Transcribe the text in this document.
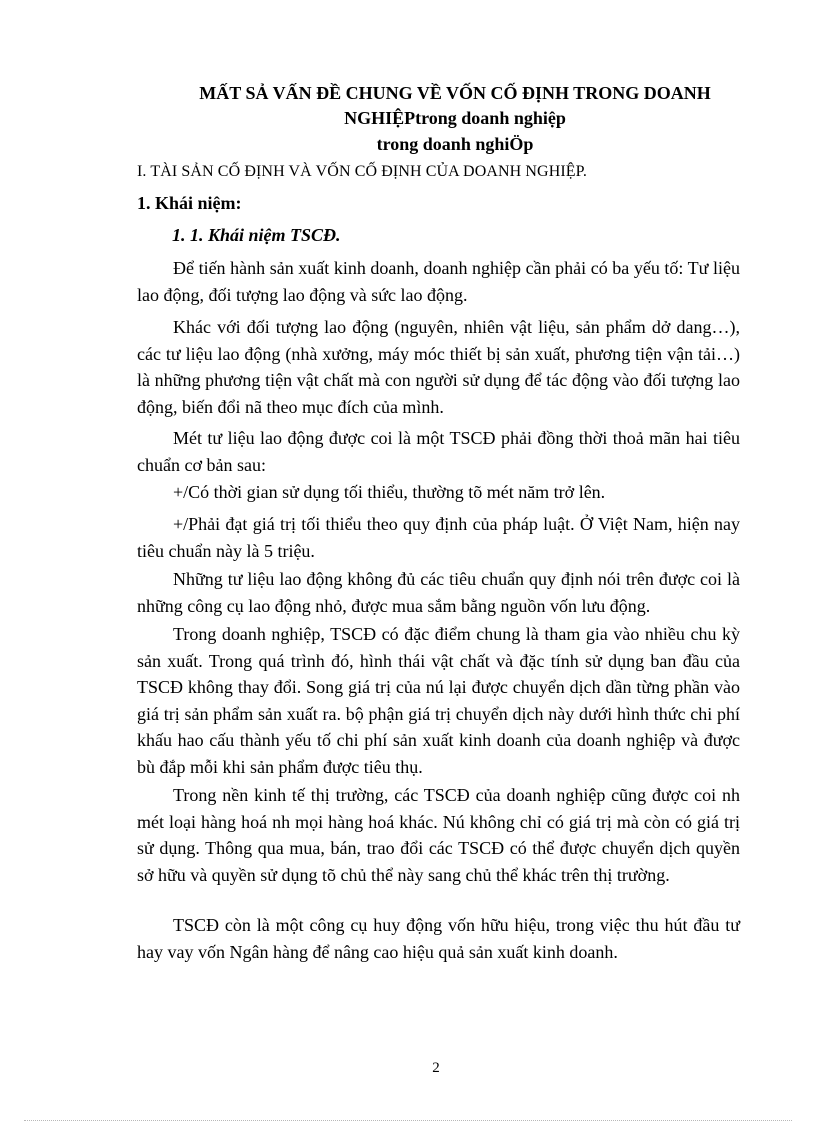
MẤT SẢ VẤN ĐỀ CHUNG VỀ VỐN CỐ ĐỊNH TRONG DOANH
NGHIỆPtrong doanh nghiệp
trong doanh nghiÖp
I. TÀI SẢN CỐ ĐỊNH VÀ VỐN CỐ ĐỊNH CỦA DOANH NGHIỆP.
1. Khái niệm:
1. 1. Khái niệm TSCĐ.

Để tiến hành sản xuất kinh doanh, doanh nghiệp cần phải có ba yếu tố: Tư liệu lao động, đối tượng lao động và sức lao động.

Khác với đối tượng lao động (nguyên, nhiên vật liệu, sản phẩm dở dang…), các tư liệu lao động (nhà xưởng, máy móc thiết bị sản xuất, phương tiện vận tải…) là những phương tiện vật chất mà con người sử dụng để tác động vào đối tượng lao động, biến đổi nã theo mục đích của mình.

Mét tư liệu lao động được coi là một TSCĐ phải đồng thời thoả mãn hai tiêu chuẩn cơ bản sau:

+/Có thời gian sử dụng tối thiểu, thường tõ mét năm trở lên.

+/Phải đạt giá trị tối thiểu theo quy định của pháp luật. Ở Việt Nam, hiện nay tiêu chuẩn này là 5 triệu.

Những tư liệu lao động không đủ các tiêu chuẩn quy định nói trên được coi là những công cụ lao động nhỏ, được mua sắm bằng nguồn vốn lưu động.

Trong doanh nghiệp, TSCĐ có đặc điểm chung là tham gia vào nhiều chu kỳ sản xuất. Trong quá trình đó, hình thái vật chất và đặc tính sử dụng ban đầu của TSCĐ không thay đổi. Song giá trị của nú lại được chuyển dịch dần từng phần vào giá trị sản phẩm sản xuất ra. bộ phận giá trị chuyển dịch này dưới hình thức chi phí khấu hao cấu thành yếu tố chi phí sản xuất kinh doanh của doanh nghiệp và được bù đắp mỗi khi sản phẩm được tiêu thụ.

Trong nền kinh tế thị trường, các TSCĐ của doanh nghiệp cũng được coi nh mét loại hàng hoá nh mọi hàng hoá khác. Nú không chỉ có giá trị mà còn có giá trị sử dụng. Thông qua mua, bán, trao đổi các TSCĐ có thể được chuyển dịch quyền sở hữu và quyền sử dụng tõ chủ thể này sang chủ thể khác trên thị trường.

TSCĐ còn là một công cụ huy động vốn hữu hiệu, trong việc thu hút đầu tư hay vay vốn Ngân hàng để nâng cao hiệu quả sản xuất kinh doanh.

2
